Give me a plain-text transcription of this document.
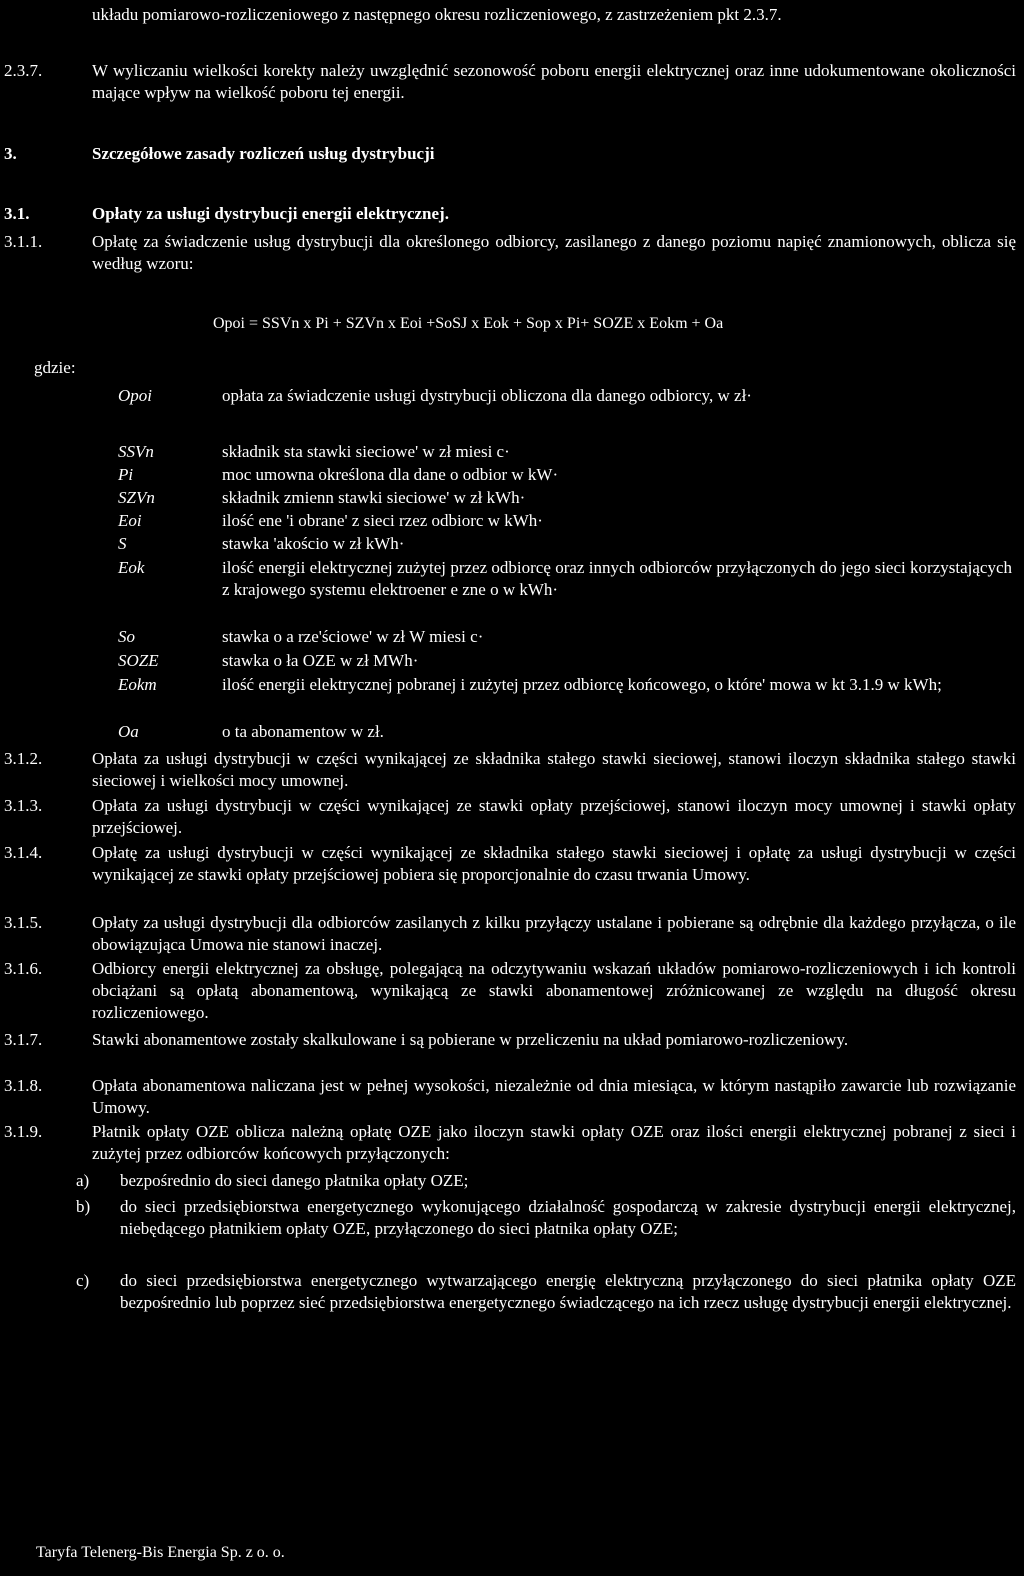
układu pomiarowo-rozliczeniowego z następnego okresu rozliczeniowego, z zastrzeżeniem pkt 2.3.7.
2.3.7.	W wyliczaniu wielkości korekty należy uwzględnić sezonowość poboru energii elektrycznej oraz inne udokumentowane okoliczności mające wpływ na wielkość poboru tej energii.
3.	Szczegółowe zasady rozliczeń usług dystrybucji
3.1.	Opłaty za usługi dystrybucji energii elektrycznej.
3.1.1.	Opłatę za świadczenie usług dystrybucji dla określonego odbiorcy, zasilanego z danego poziomu napięć znamionowych, oblicza się według wzoru:
Opoi = SSVn x Pi + SZVn x Eoi +SoSJ x Eok + Sop x Pi+ SOZE x Eokm + Oa
gdzie:
Opoi	opłata za świadczenie usługi dystrybucji obliczona dla danego odbiorcy, w zł·
SSVn	składnik sta stawki sieciowe' w zł miesi c·
Pi	moc umowna określona dla dane o odbior w kW·
SZVn	składnik zmienn stawki sieciowe' w zł kWh·
Eoi	ilość ene 'i obrane' z sieci rzez odbiorc w kWh·
S	stawka 'akościo w zł kWh·
Eok	ilość energii elektrycznej zużytej przez odbiorcę oraz innych odbiorców przyłączonych do jego sieci korzystających z krajowego systemu elektroener e zne o w kWh·
So	stawka o a rze'ściowe' w zł W miesi c·
SOZE	stawka o ła OZE w zł MWh·
Eokm	ilość energii elektrycznej pobranej i zużytej przez odbiorcę końcowego, o które' mowa w kt 3.1.9 w kWh;
Oa	o ta abonamentow w zł.
3.1.2.	Opłata za usługi dystrybucji w części wynikającej ze składnika stałego stawki sieciowej, stanowi iloczyn składnika stałego stawki sieciowej i wielkości mocy umownej.
3.1.3.	Opłata za usługi dystrybucji w części wynikającej ze stawki opłaty przejściowej, stanowi iloczyn mocy umownej i stawki opłaty przejściowej.
3.1.4.	Opłatę za usługi dystrybucji w części wynikającej ze składnika stałego stawki sieciowej i opłatę za usługi dystrybucji w części wynikającej ze stawki opłaty przejściowej pobiera się proporcjonalnie do czasu trwania Umowy.
3.1.5.	Opłaty za usługi dystrybucji dla odbiorców zasilanych z kilku przyłączy ustalane i pobierane są odrębnie dla każdego przyłącza, o ile obowiązująca Umowa nie stanowi inaczej.
3.1.6.	Odbiorcy energii elektrycznej za obsługę, polegającą na odczytywaniu wskazań układów pomiarowo-rozliczeniowych i ich kontroli obciążani są opłatą abonamentową, wynikającą ze stawki abonamentowej zróżnicowanej ze względu na długość okresu rozliczeniowego.
3.1.7.	Stawki abonamentowe zostały skalkulowane i są pobierane w przeliczeniu na układ pomiarowo-rozliczeniowy.
3.1.8.	Opłata abonamentowa naliczana jest w pełnej wysokości, niezależnie od dnia miesiąca, w którym nastąpiło zawarcie lub rozwiązanie Umowy.
3.1.9.	Płatnik opłaty OZE oblicza należną opłatę OZE jako iloczyn stawki opłaty OZE oraz ilości energii elektrycznej pobranej z sieci i zużytej przez odbiorców końcowych przyłączonych:
a) bezpośrednio do sieci danego płatnika opłaty OZE;
b) do sieci przedsiębiorstwa energetycznego wykonującego działalność gospodarczą w zakresie dystrybucji energii elektrycznej, niebędącego płatnikiem opłaty OZE, przyłączonego do sieci płatnika opłaty OZE;
c) do sieci przedsiębiorstwa energetycznego wytwarzającego energię elektryczną przyłączonego do sieci płatnika opłaty OZE bezpośrednio lub poprzez sieć przedsiębiorstwa energetycznego świadczącego na ich rzecz usługę dystrybucji energii elektrycznej.
Taryfa Telenerg-Bis Energia Sp. z o. o.
